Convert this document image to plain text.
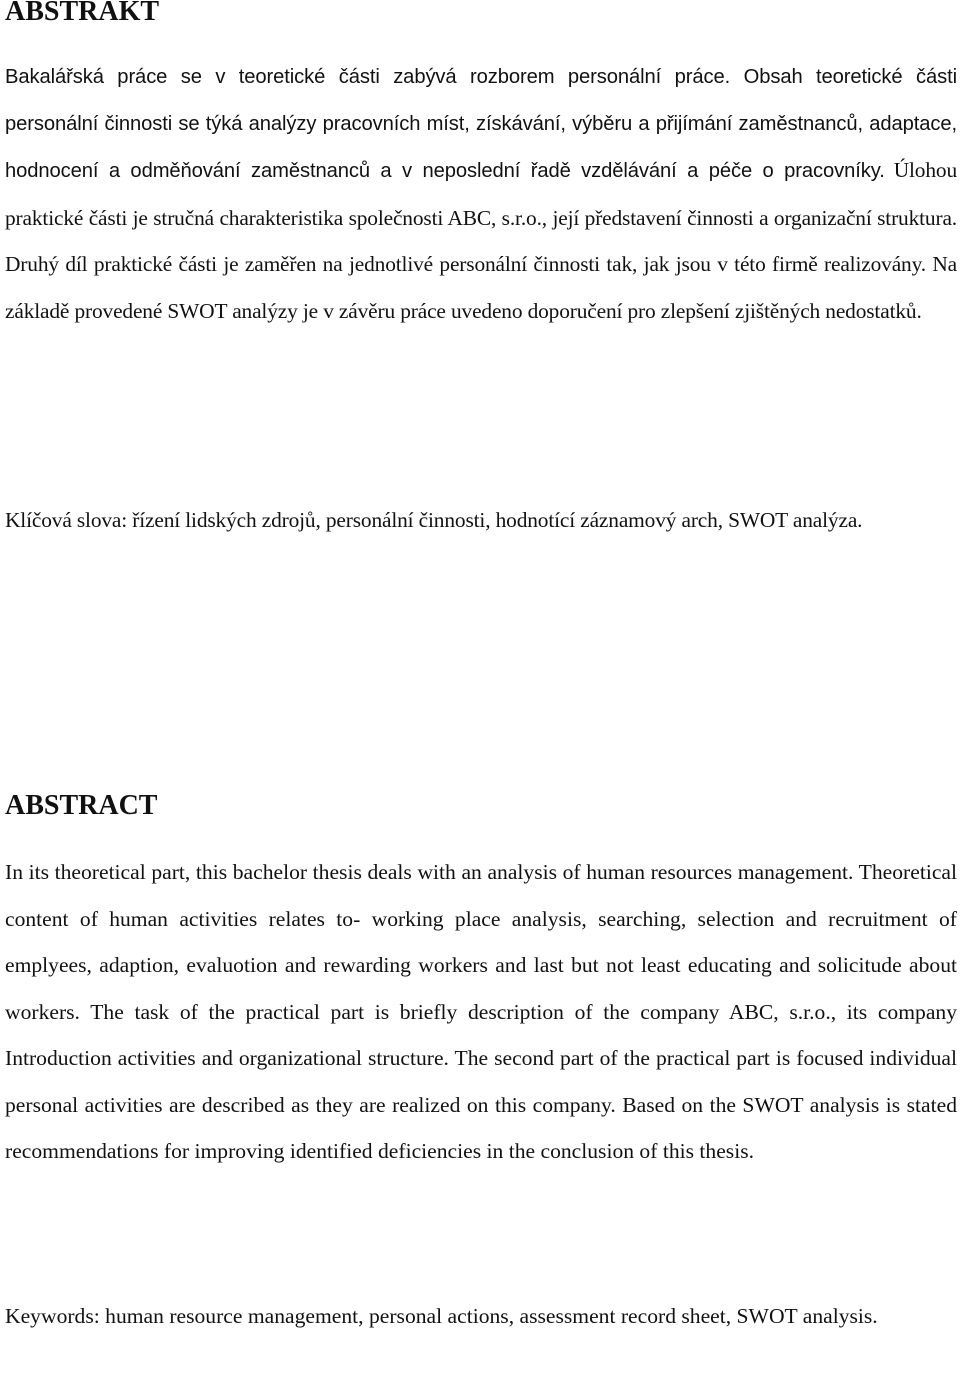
ABSTRAKT

Bakalářská práce se v teoretické části zabývá rozborem personální práce. Obsah teoretické části personální činnosti se týká analýzy pracovních míst, získávání, výběru a přijímání zaměstnanců, adaptace, hodnocení a odměňování zaměstnanců a v neposlední řadě vzdělávání a péče o pracovníky. Úlohou praktické části je stručná charakteristika společnosti ABC, s.r.o., její představení činnosti a organizační struktura. Druhý díl praktické části je zaměřen na jednotlivé personální činnosti tak, jak jsou v této firmě realizovány. Na základě provedené SWOT analýzy je v závěru práce uvedeno doporučení pro zlepšení zjištěných nedostatků.

Klíčová slova: řízení lidských zdrojů, personální činnosti, hodnotící záznamový arch, SWOT analýza.

ABSTRACT

In its theoretical part, this bachelor thesis deals with an analysis of human resources management. Theoretical content of human activities relates to- working place analysis, searching, selection and recruitment of emplyees, adaption, evaluotion and rewarding workers and last but not least educating and solicitude about workers. The task of the practical part is briefly description of the company ABC, s.r.o., its company Introduction activities and organizational structure. The second part of the practical part is focused individual personal activities are described as they are realized on this company. Based on the SWOT analysis is stated recommendations for improving identified deficiencies in the conclusion of this thesis.

Keywords: human resource management, personal actions, assessment record sheet, SWOT analysis.
